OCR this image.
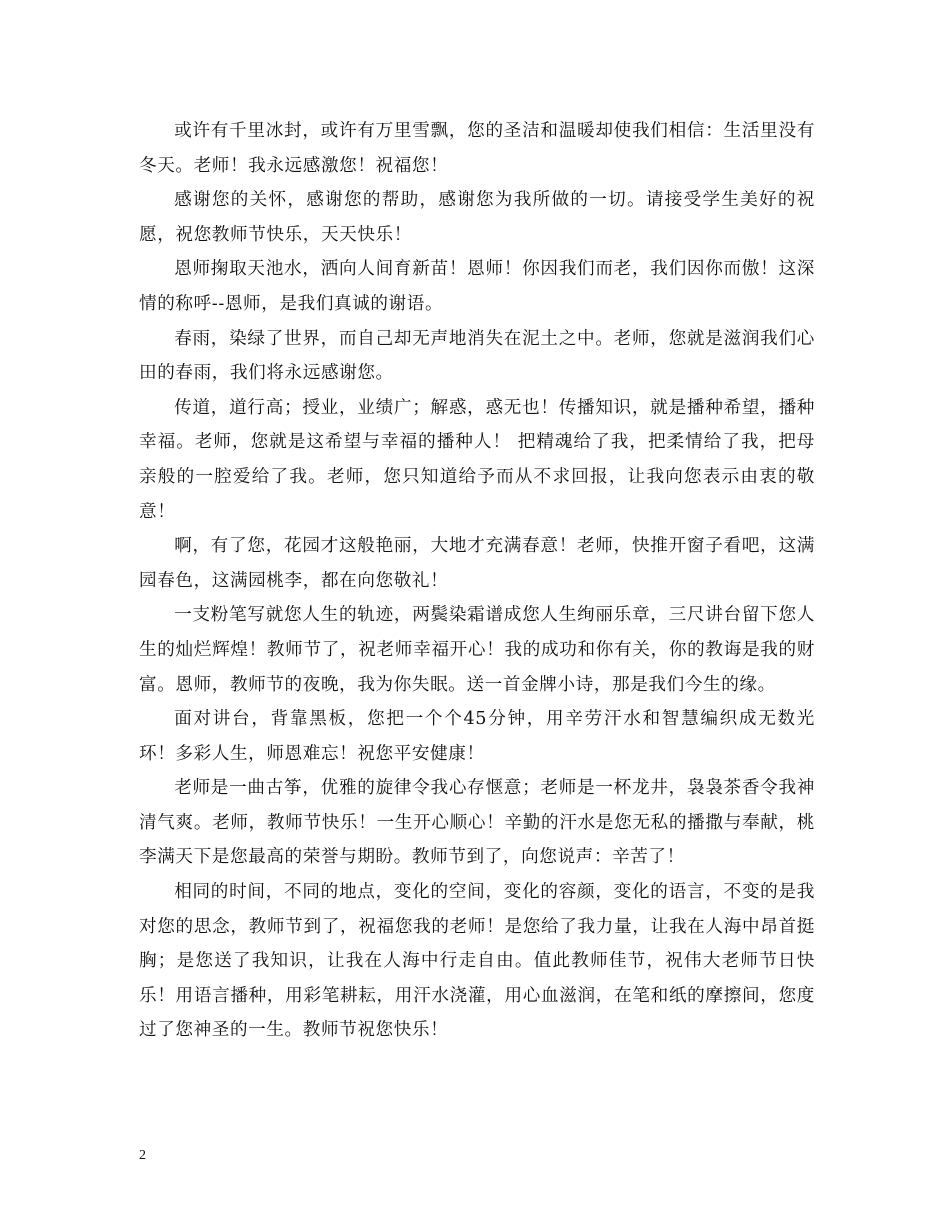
或许有千里冰封，或许有万里雪飘，您的圣洁和温暖却使我们相信：生活里没有冬天。老师！我永远感激您！祝福您！

感谢您的关怀，感谢您的帮助，感谢您为我所做的一切。请接受学生美好的祝愿，祝您教师节快乐，天天快乐！

恩师掬取天池水，洒向人间育新苗！恩师！你因我们而老，我们因你而傲！这深情的称呼--恩师，是我们真诚的谢语。

春雨，染绿了世界，而自己却无声地消失在泥土之中。老师，您就是滋润我们心田的春雨，我们将永远感谢您。

传道，道行高；授业，业绩广；解惑，惑无也！传播知识，就是播种希望，播种幸福。老师，您就是这希望与幸福的播种人！ 把精魂给了我，把柔情给了我，把母亲般的一腔爱给了我。老师，您只知道给予而从不求回报，让我向您表示由衷的敬意！

啊，有了您，花园才这般艳丽，大地才充满春意！老师，快推开窗子看吧，这满园春色，这满园桃李，都在向您敬礼！

一支粉笔写就您人生的轨迹，两鬓染霜谱成您人生绚丽乐章，三尺讲台留下您人生的灿烂辉煌！教师节了，祝老师幸福开心！我的成功和你有关，你的教诲是我的财富。恩师，教师节的夜晚，我为你失眠。送一首金牌小诗，那是我们今生的缘。

面对讲台，背靠黑板，您把一个个45分钟，用辛劳汗水和智慧编织成无数光环！多彩人生，师恩难忘！祝您平安健康！

老师是一曲古筝，优雅的旋律令我心存惬意；老师是一杯龙井，袅袅茶香令我神清气爽。老师，教师节快乐！一生开心顺心！辛勤的汗水是您无私的播撒与奉献，桃李满天下是您最高的荣誉与期盼。教师节到了，向您说声：辛苦了！

相同的时间，不同的地点，变化的空间，变化的容颜，变化的语言，不变的是我对您的思念，教师节到了，祝福您我的老师！是您给了我力量，让我在人海中昂首挺胸；是您送了我知识，让我在人海中行走自由。值此教师佳节，祝伟大老师节日快乐！用语言播种，用彩笔耕耘，用汗水浇灌，用心血滋润，在笔和纸的摩擦间，您度过了您神圣的一生。教师节祝您快乐！

2
